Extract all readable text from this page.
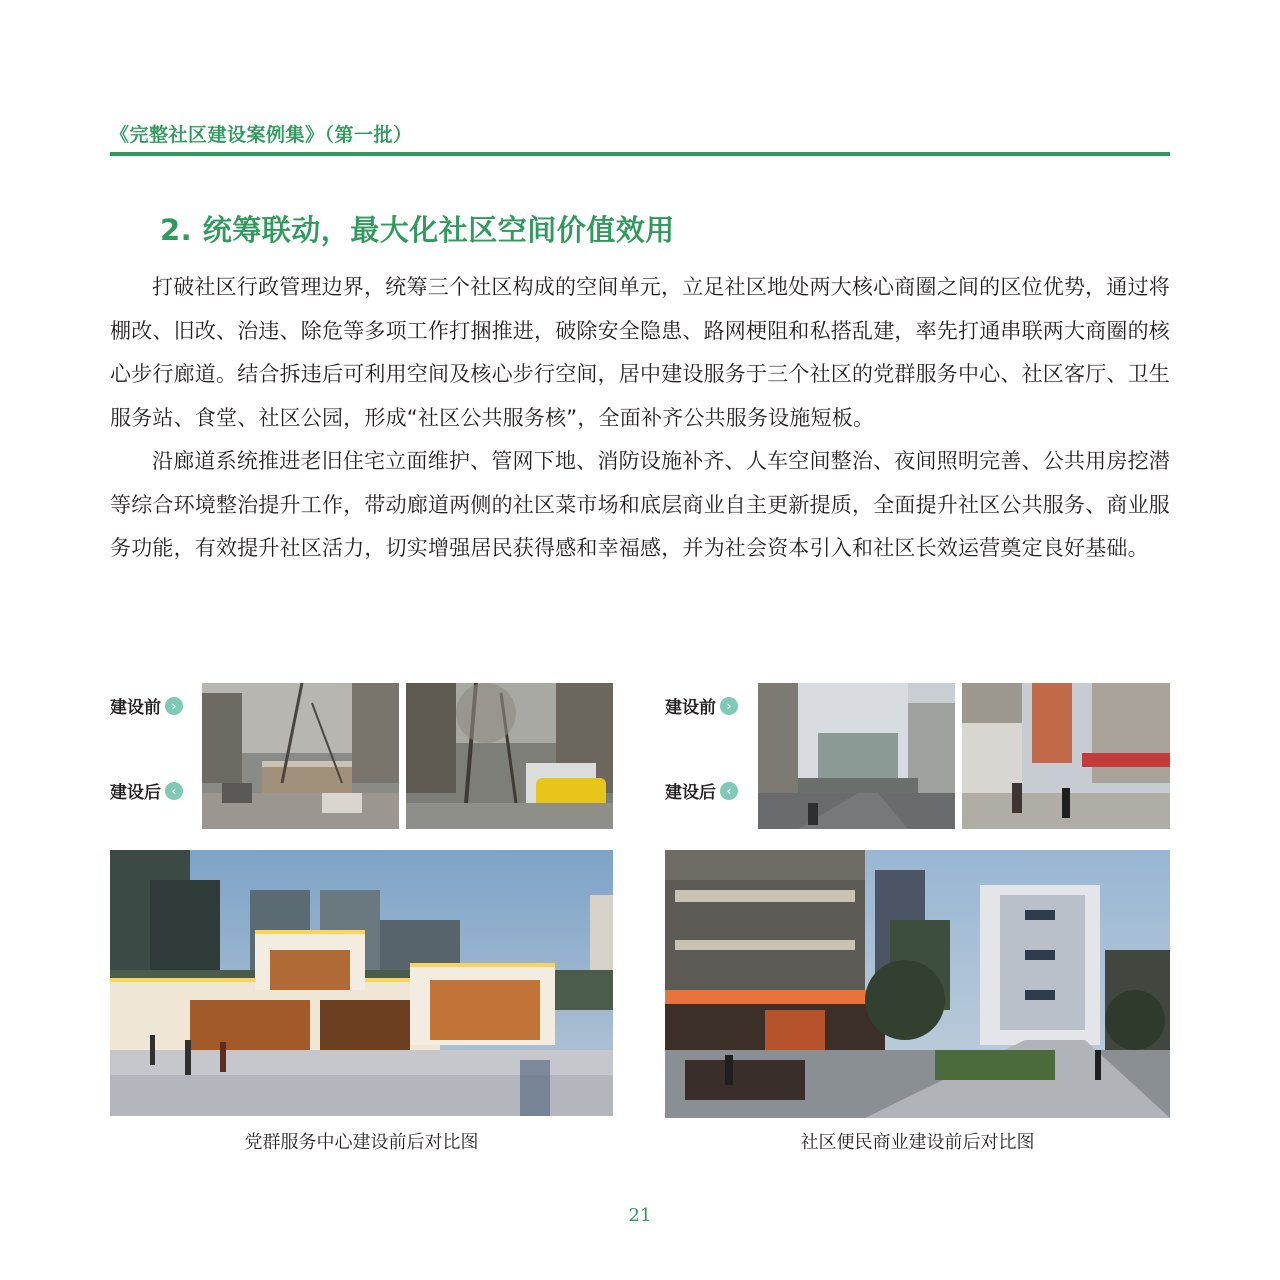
《完整社区建设案例集》（第一批）
2. 统筹联动，最大化社区空间价值效用

打破社区行政管理边界，统筹三个社区构成的空间单元，立足社区地处两大核心商圈之间的区位优势，通过将棚改、旧改、治违、除危等多项工作打捆推进，破除安全隐患、路网梗阻和私搭乱建，率先打通串联两大商圈的核心步行廊道。结合拆违后可利用空间及核心步行空间，居中建设服务于三个社区的党群服务中心、社区客厅、卫生服务站、食堂、社区公园，形成“社区公共服务核”，全面补齐公共服务设施短板。

沿廊道系统推进老旧住宅立面维护、管网下地、消防设施补齐、人车空间整治、夜间照明完善、公共用房挖潜等综合环境整治提升工作，带动廊道两侧的社区菜市场和底层商业自主更新提质，全面提升社区公共服务、商业服务功能，有效提升社区活力，切实增强居民获得感和幸福感，并为社会资本引入和社区长效运营奠定良好基础。

建设前 ›
建设后 ‹
党群服务中心建设前后对比图
建设前 ›
建设后 ‹
社区便民商业建设前后对比图
21
